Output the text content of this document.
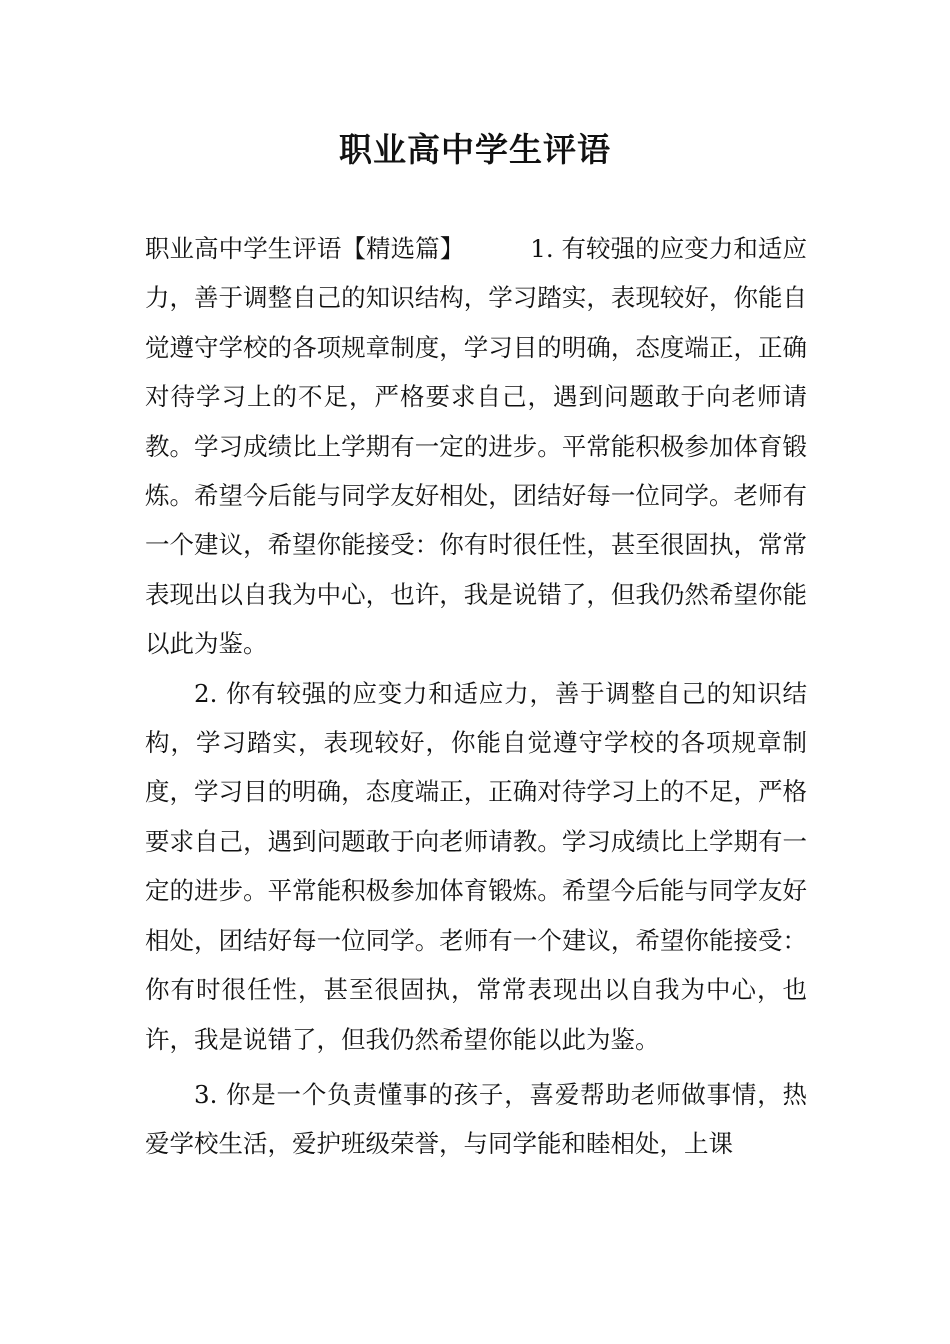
职业高中学生评语

职业高中学生评语【精选篇】	1. 有较强的应变力和适应力，善于调整自己的知识结构，学习踏实，表现较好，你能自觉遵守学校的各项规章制度，学习目的明确，态度端正，正确对待学习上的不足，严格要求自己，遇到问题敢于向老师请教。学习成绩比上学期有一定的进步。平常能积极参加体育锻炼。希望今后能与同学友好相处，团结好每一位同学。老师有一个建议，希望你能接受：你有时很任性，甚至很固执，常常表现出以自我为中心，也许，我是说错了，但我仍然希望你能以此为鉴。

2. 你有较强的应变力和适应力，善于调整自己的知识结构，学习踏实，表现较好，你能自觉遵守学校的各项规章制度，学习目的明确，态度端正，正确对待学习上的不足，严格要求自己，遇到问题敢于向老师请教。学习成绩比上学期有一定的进步。平常能积极参加体育锻炼。希望今后能与同学友好相处，团结好每一位同学。老师有一个建议，希望你能接受：你有时很任性，甚至很固执，常常表现出以自我为中心，也许，我是说错了，但我仍然希望你能以此为鉴。

3. 你是一个负责懂事的孩子，喜爱帮助老师做事情，热爱学校生活，爱护班级荣誉，与同学能和睦相处，上课
